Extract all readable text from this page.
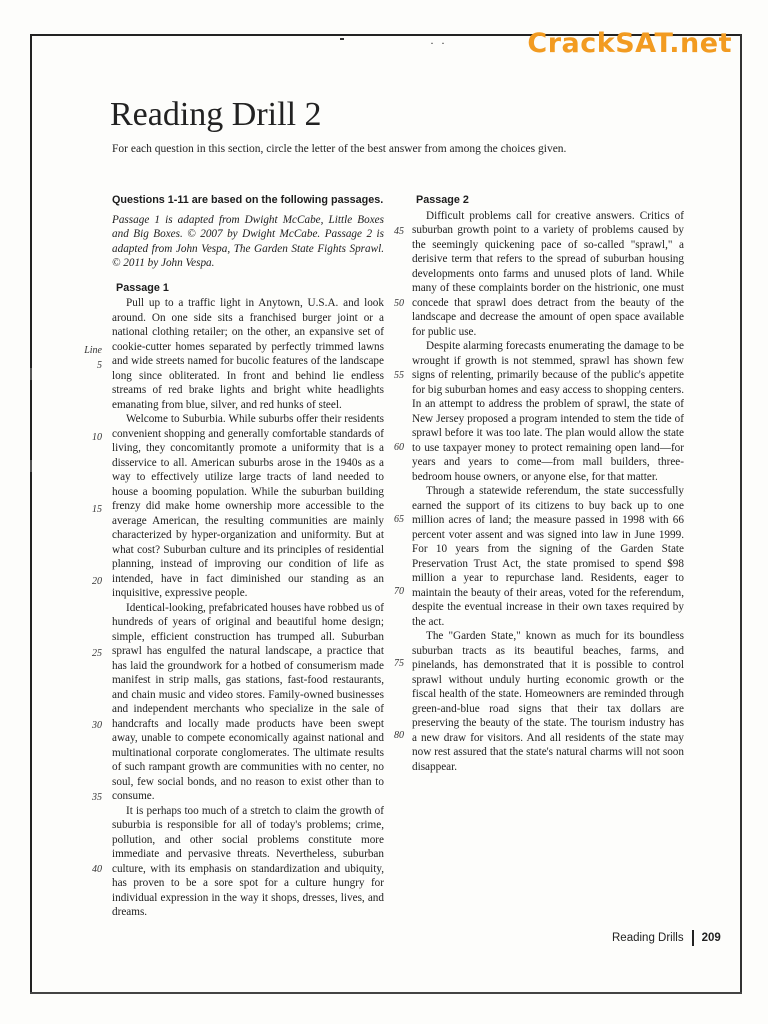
· ·	CrackSAT.net
Reading Drill 2
For each question in this section, circle the letter of the best answer from among the choices given.
Line
5
10
15
20
25
30
35
40
45
50
55
60
65
70
75
80

Questions 1-11 are based on the following passages.

Passage 1 is adapted from Dwight McCabe, Little Boxes and Big Boxes. © 2007 by Dwight McCabe. Passage 2 is adapted from John Vespa, The Garden State Fights Sprawl. © 2011 by John Vespa.

Passage 1

Pull up to a traffic light in Anytown, U.S.A. and look around. On one side sits a franchised burger joint or a national clothing retailer; on the other, an expansive set of cookie-cutter homes separated by perfectly trimmed lawns and wide streets named for bucolic features of the landscape long since obliterated. In front and behind lie endless streams of red brake lights and bright white headlights emanating from blue, silver, and red hunks of steel.

Welcome to Suburbia. While suburbs offer their residents convenient shopping and generally comfortable standards of living, they concomitantly promote a uniformity that is a disservice to all. American suburbs arose in the 1940s as a way to effectively utilize large tracts of land needed to house a booming population. While the suburban building frenzy did make home ownership more accessible to the average American, the resulting communities are mainly characterized by hyper-organization and uniformity. But at what cost? Suburban culture and its principles of residential planning, instead of improving our condition of life as intended, have in fact diminished our standing as an inquisitive, expressive people.

Identical-looking, prefabricated houses have robbed us of hundreds of years of original and beautiful home design; simple, efficient construction has trumped all. Suburban sprawl has engulfed the natural landscape, a practice that has laid the groundwork for a hotbed of consumerism made manifest in strip malls, gas stations, fast-food restaurants, and chain music and video stores. Family-owned businesses and independent merchants who specialize in the sale of handcrafts and locally made products have been swept away, unable to compete economically against national and multinational corporate conglomerates. The ultimate results of such rampant growth are communities with no center, no soul, few social bonds, and no reason to exist other than to consume.

It is perhaps too much of a stretch to claim the growth of suburbia is responsible for all of today's problems; crime, pollution, and other social problems constitute more immediate and pervasive threats. Nevertheless, suburban culture, with its emphasis on standardization and ubiquity, has proven to be a sore spot for a culture hungry for individual expression in the way it shops, dresses, lives, and dreams.

Passage 2

Difficult problems call for creative answers. Critics of suburban growth point to a variety of problems caused by the seemingly quickening pace of so-called "sprawl," a derisive term that refers to the spread of suburban housing developments onto farms and unused plots of land. While many of these complaints border on the histrionic, one must concede that sprawl does detract from the beauty of the landscape and decrease the amount of open space available for public use.

Despite alarming forecasts enumerating the damage to be wrought if growth is not stemmed, sprawl has shown few signs of relenting, primarily because of the public's appetite for big suburban homes and easy access to shopping centers. In an attempt to address the problem of sprawl, the state of New Jersey proposed a program intended to stem the tide of sprawl before it was too late. The plan would allow the state to use taxpayer money to protect remaining open land—for years and years to come—from mall builders, three-bedroom house owners, or anyone else, for that matter.

Through a statewide referendum, the state successfully earned the support of its citizens to buy back up to one million acres of land; the measure passed in 1998 with 66 percent voter assent and was signed into law in June 1999. For 10 years from the signing of the Garden State Preservation Trust Act, the state promised to spend $98 million a year to repurchase land. Residents, eager to maintain the beauty of their areas, voted for the referendum, despite the eventual increase in their own taxes required by the act.

The "Garden State," known as much for its boundless suburban tracts as its beautiful beaches, farms, and pinelands, has demonstrated that it is possible to control sprawl without unduly hurting economic growth or the fiscal health of the state. Homeowners are reminded through green-and-blue road signs that their tax dollars are preserving the beauty of the state. The tourism industry has a new draw for visitors. And all residents of the state may now rest assured that the state's natural charms will not soon disappear.

Reading Drills 209
